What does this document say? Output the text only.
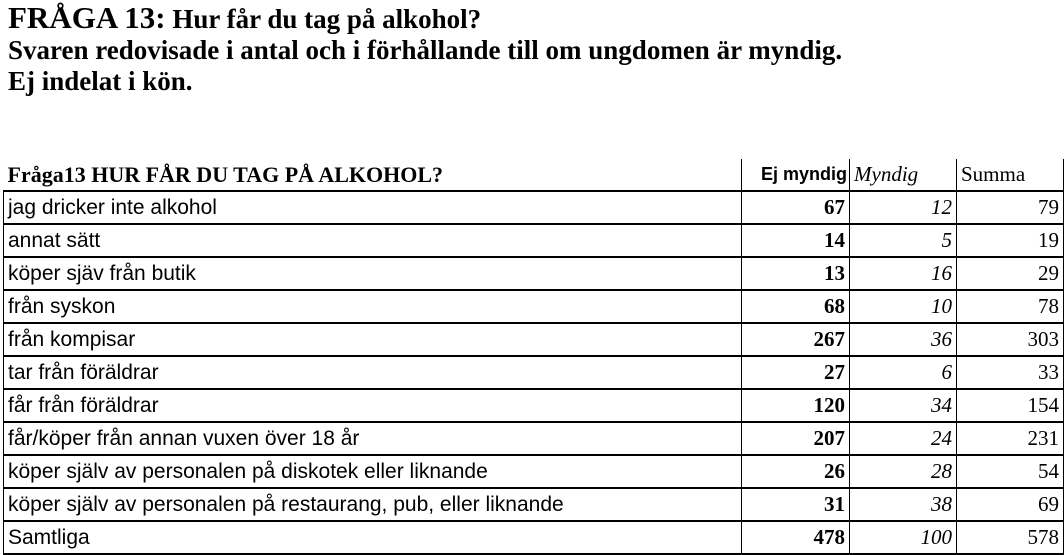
FRÅGA 13: Hur får du tag på alkohol?
Svaren redovisade i antal och i förhållande till om ungdomen är myndig.
Ej indelat i kön.
Fråga13 HUR FÅR DU TAG PÅ ALKOHOL?	Ej myndig	Myndig	Summa
jag dricker inte alkohol	67	12	79
annat sätt	14	5	19
köper sjäv från butik	13	16	29
från syskon	68	10	78
från kompisar	267	36	303
tar från föräldrar	27	6	33
får från föräldrar	120	34	154
får/köper från annan vuxen över 18 år	207	24	231
köper själv av personalen på diskotek eller liknande	26	28	54
köper själv av personalen på restaurang, pub, eller liknande	31	38	69
Samtliga	478	100	578
